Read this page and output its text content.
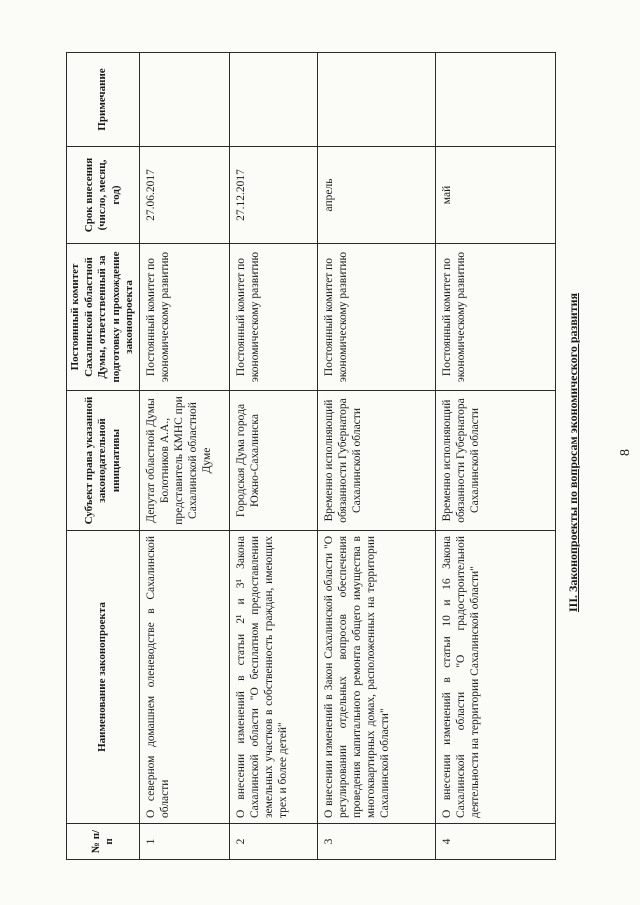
8
III. Законопроекты по вопросам экономического развития
№ п/п	Наименование законопроекта	Субъект права указанной законодательной инициативы	Постоянный комитет Сахалинской областной Думы, ответственный за подготовку и прохождение законопроекта	Срок внесения (число, месяц, год)	Примечание
1	О северном домашнем оленеводстве в Сахалинской области	Депутат областной Думы Болотников А.А., представитель КМНС при Сахалинской областной Думе	Постоянный комитет по экономическому развитию	27.06.2017	
2	О внесении изменений в статьи 2¹ и 3¹ Закона Сахалинской области "О бесплатном предоставлении земельных участков в собственность граждан, имеющих трех и более детей"	Городская Дума города Южно-Сахалинска	Постоянный комитет по экономическому развитию	27.12.2017	
3	О внесении изменений в Закон Сахалинской области "О регулировании отдельных вопросов обеспечения проведения капитального ремонта общего имущества в многоквартирных домах, расположенных на территории Сахалинской области"	Временно исполняющий обязанности Губернатора Сахалинской области	Постоянный комитет по экономическому развитию	апрель	
4	О внесении изменений в статьи 10 и 16 Закона Сахалинской области "О градостроительной деятельности на территории Сахалинской области"	Временно исполняющий обязанности Губернатора Сахалинской области	Постоянный комитет по экономическому развитию	май	
